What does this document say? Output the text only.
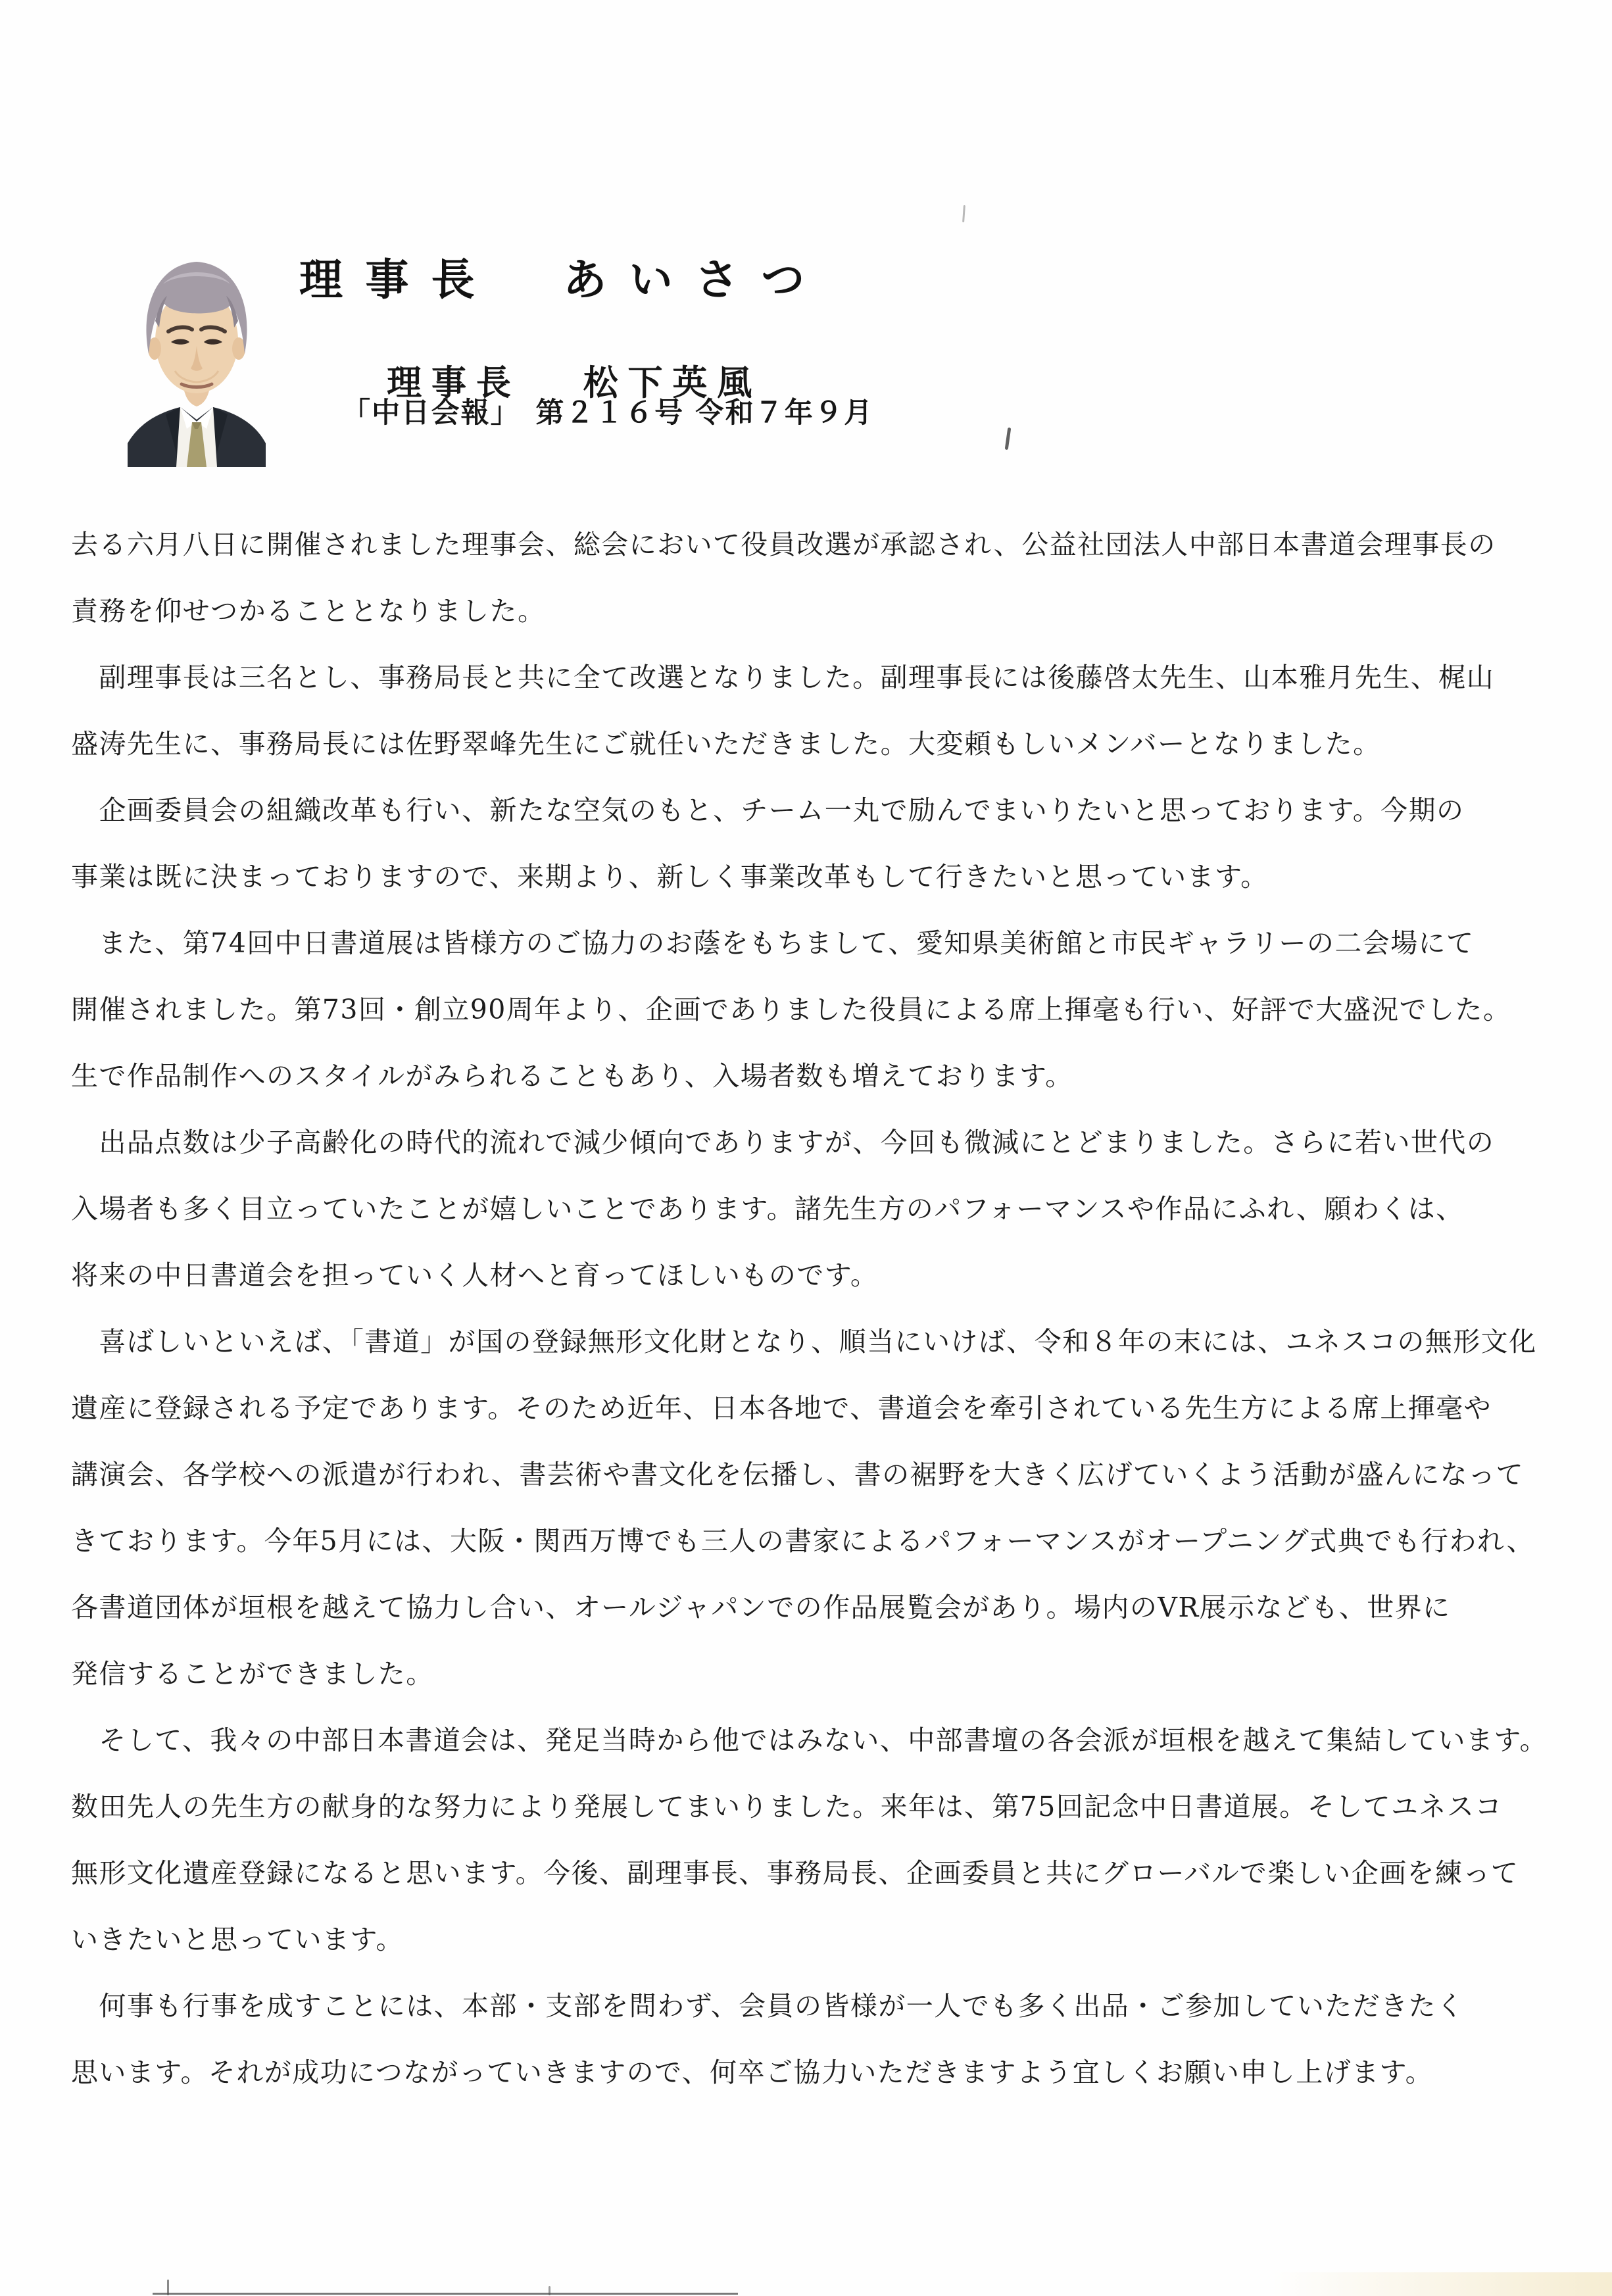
理事長　あいさつ

理事長 松下英風

「中日会報」　第２１６号 令和７年９月
去る六月八日に開催されました理事会、総会において役員改選が承認され、公益社団法人中部日本書道会理事長の
責務を仰せつかることとなりました。
　副理事長は三名とし、事務局長と共に全て改選となりました。副理事長には後藤啓太先生、山本雅月先生、梶山
盛涛先生に、事務局長には佐野翠峰先生にご就任いただきました。大変頼もしいメンバーとなりました。
　企画委員会の組織改革も行い、新たな空気のもと、チーム一丸で励んでまいりたいと思っております。今期の
事業は既に決まっておりますので、来期より、新しく事業改革もして行きたいと思っています。
　また、第74回中日書道展は皆様方のご協力のお蔭をもちまして、愛知県美術館と市民ギャラリーの二会場にて
開催されました。第73回・創立90周年より、企画でありました役員による席上揮毫も行い、好評で大盛況でした。
生で作品制作へのスタイルがみられることもあり、入場者数も増えております。
　出品点数は少子高齢化の時代的流れで減少傾向でありますが、今回も微減にとどまりました。さらに若い世代の
入場者も多く目立っていたことが嬉しいことであります。諸先生方のパフォーマンスや作品にふれ、願わくは、
将来の中日書道会を担っていく人材へと育ってほしいものです。
　喜ばしいといえば、「書道」が国の登録無形文化財となり、順当にいけば、令和８年の末には、ユネスコの無形文化
遺産に登録される予定であります。そのため近年、日本各地で、書道会を牽引されている先生方による席上揮毫や
講演会、各学校への派遣が行われ、書芸術や書文化を伝播し、書の裾野を大きく広げていくよう活動が盛んになって
きております。今年5月には、大阪・関西万博でも三人の書家によるパフォーマンスがオープニング式典でも行われ、
各書道団体が垣根を越えて協力し合い、オールジャパンでの作品展覧会があり。場内のVR展示なども、世界に
発信することができました。
　そして、我々の中部日本書道会は、発足当時から他ではみない、中部書壇の各会派が垣根を越えて集結しています。
数田先人の先生方の献身的な努力により発展してまいりました。来年は、第75回記念中日書道展。そしてユネスコ
無形文化遺産登録になると思います。今後、副理事長、事務局長、企画委員と共にグローバルで楽しい企画を練って
いきたいと思っています。
　何事も行事を成すことには、本部・支部を問わず、会員の皆様が一人でも多く出品・ご参加していただきたく
思います。それが成功につながっていきますので、何卒ご協力いただきますよう宜しくお願い申し上げます。
